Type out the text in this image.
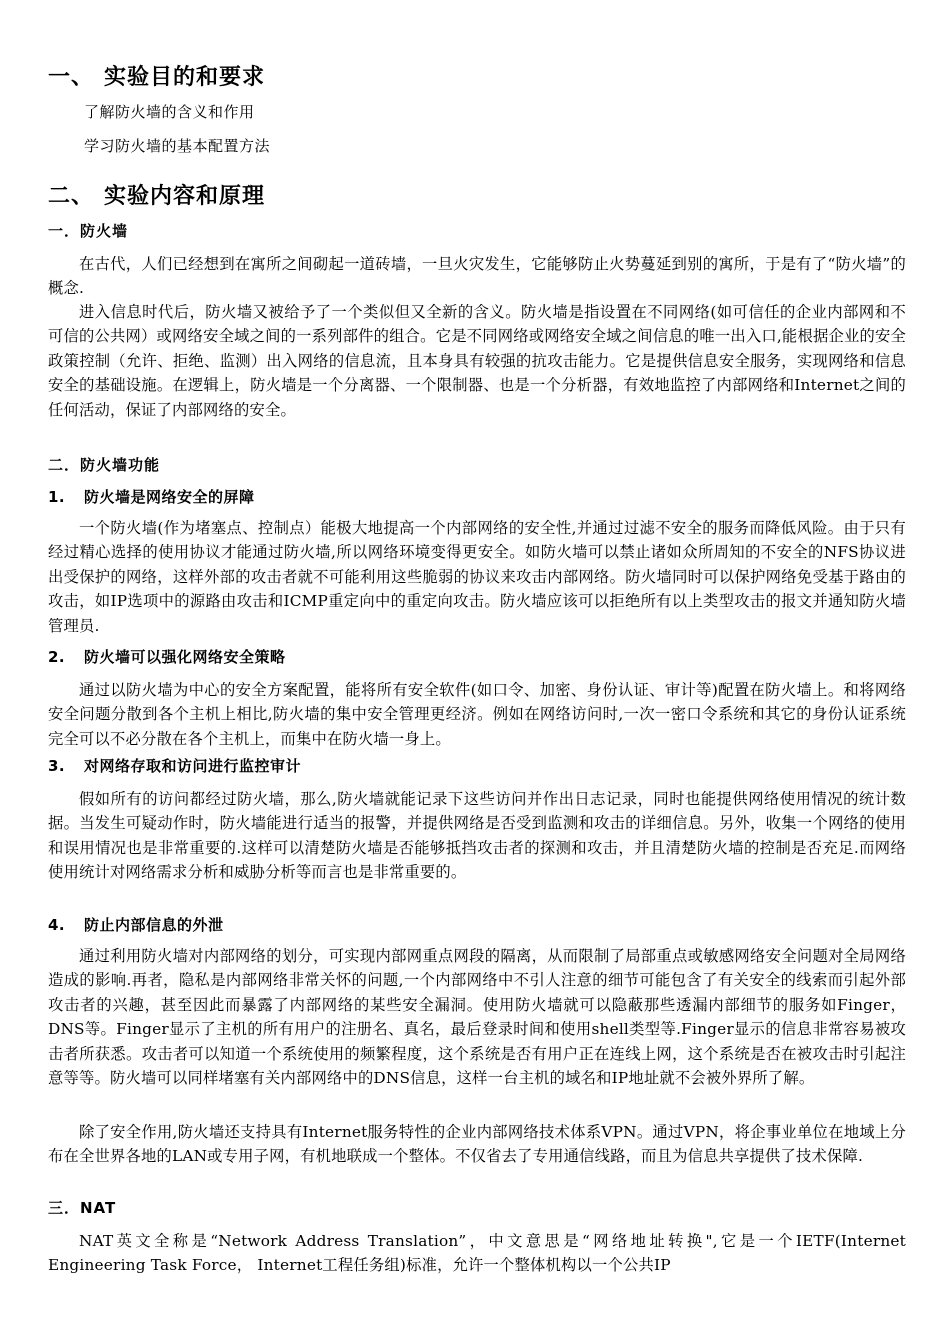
一、 实验目的和要求
了解防火墙的含义和作用
学习防火墙的基本配置方法
二、 实验内容和原理
一．防火墙
在古代，人们已经想到在寓所之间砌起一道砖墙，一旦火灾发生，它能够防止火势蔓延到别的寓所，于是有了“防火墙”的概念.
进入信息时代后，防火墙又被给予了一个类似但又全新的含义。防火墙是指设置在不同网络(如可信任的企业内部网和不可信的公共网）或网络安全域之间的一系列部件的组合。它是不同网络或网络安全域之间信息的唯一出入口,能根据企业的安全政策控制（允许、拒绝、监测）出入网络的信息流，且本身具有较强的抗攻击能力。它是提供信息安全服务，实现网络和信息安全的基础设施。在逻辑上，防火墙是一个分离器、一个限制器、也是一个分析器，有效地监控了内部网络和Internet之间的任何活动，保证了内部网络的安全。
二．防火墙功能
1. 防火墙是网络安全的屏障
一个防火墙(作为堵塞点、控制点）能极大地提高一个内部网络的安全性,并通过过滤不安全的服务而降低风险。由于只有经过精心选择的使用协议才能通过防火墙,所以网络环境变得更安全。如防火墙可以禁止诸如众所周知的不安全的NFS协议进出受保护的网络，这样外部的攻击者就不可能利用这些脆弱的协议来攻击内部网络。防火墙同时可以保护网络免受基于路由的攻击，如IP选项中的源路由攻击和ICMP重定向中的重定向攻击。防火墙应该可以拒绝所有以上类型攻击的报文并通知防火墙管理员.
2. 防火墙可以强化网络安全策略
通过以防火墙为中心的安全方案配置，能将所有安全软件(如口令、加密、身份认证、审计等)配置在防火墙上。和将网络安全问题分散到各个主机上相比,防火墙的集中安全管理更经济。例如在网络访问时,一次一密口令系统和其它的身份认证系统完全可以不必分散在各个主机上，而集中在防火墙一身上。
3. 对网络存取和访问进行监控审计
假如所有的访问都经过防火墙，那么,防火墙就能记录下这些访问并作出日志记录，同时也能提供网络使用情况的统计数据。当发生可疑动作时，防火墙能进行适当的报警，并提供网络是否受到监测和攻击的详细信息。另外，收集一个网络的使用和误用情况也是非常重要的.这样可以清楚防火墙是否能够抵挡攻击者的探测和攻击，并且清楚防火墙的控制是否充足.而网络使用统计对网络需求分析和威胁分析等而言也是非常重要的。
4. 防止内部信息的外泄
通过利用防火墙对内部网络的划分，可实现内部网重点网段的隔离，从而限制了局部重点或敏感网络安全问题对全局网络造成的影响.再者，隐私是内部网络非常关怀的问题,一个内部网络中不引人注意的细节可能包含了有关安全的线索而引起外部攻击者的兴趣，甚至因此而暴露了内部网络的某些安全漏洞。使用防火墙就可以隐蔽那些透漏内部细节的服务如Finger，DNS等。Finger显示了主机的所有用户的注册名、真名，最后登录时间和使用shell类型等.Finger显示的信息非常容易被攻击者所获悉。攻击者可以知道一个系统使用的频繁程度，这个系统是否有用户正在连线上网，这个系统是否在被攻击时引起注意等等。防火墙可以同样堵塞有关内部网络中的DNS信息，这样一台主机的域名和IP地址就不会被外界所了解。
除了安全作用,防火墙还支持具有Internet服务特性的企业内部网络技术体系VPN。通过VPN，将企事业单位在地域上分布在全世界各地的LAN或专用子网，有机地联成一个整体。不仅省去了专用通信线路，而且为信息共享提供了技术保障.
三．NAT
NAT英文全称是“Network Address Translation”，中文意思是“网络地址转换",它是一个IETF(Internet Engineering Task Force， Internet工程任务组)标准，允许一个整体机构以一个公共IP
